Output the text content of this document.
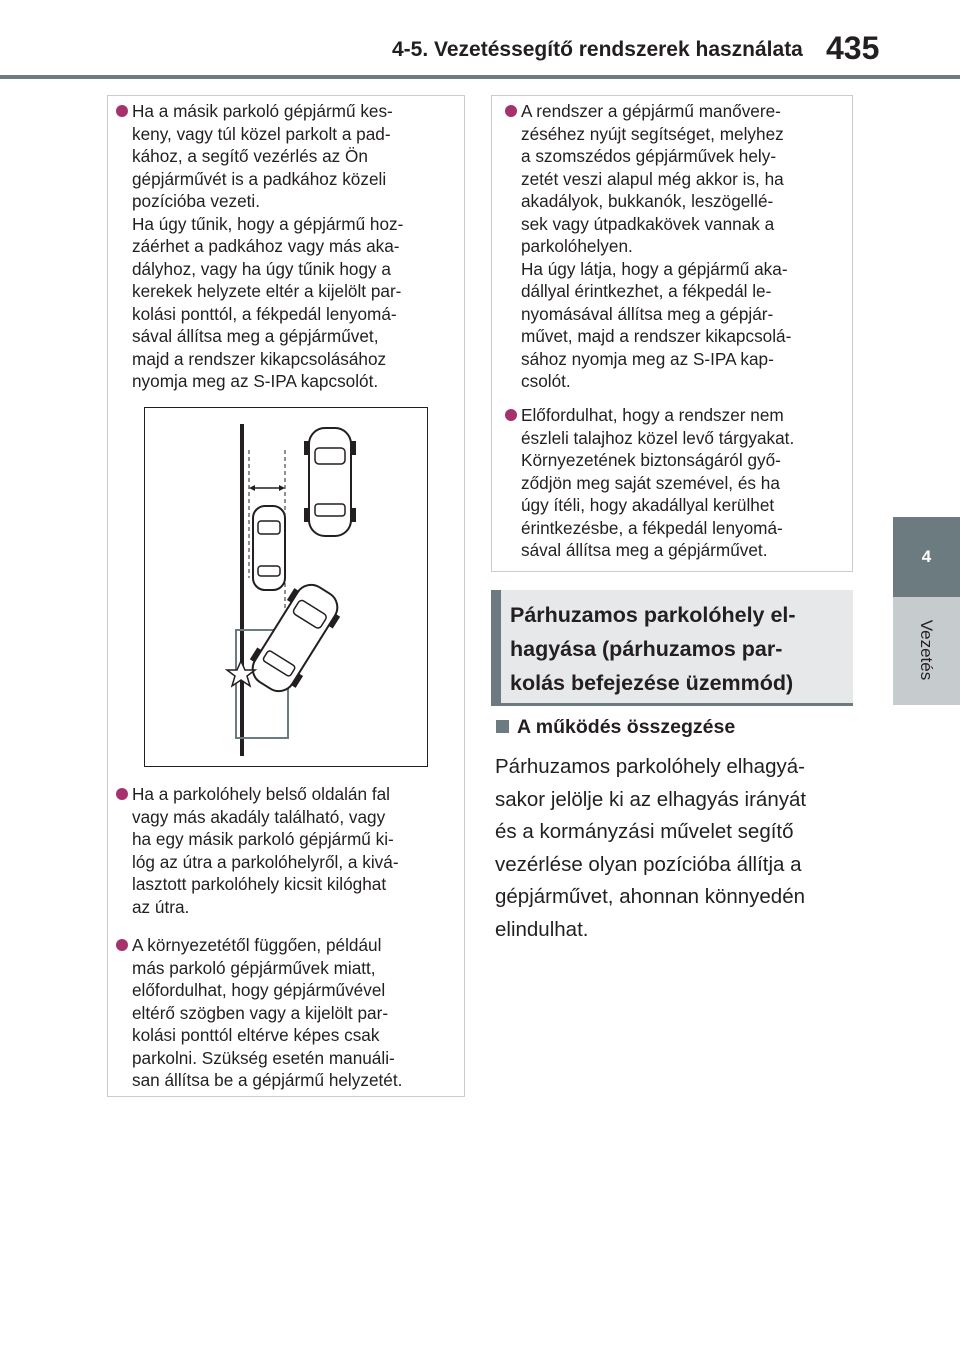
4-5. Vezetéssegítő rendszerek használata 435
4
Vezetés
Ha a másik parkoló gépjármű kes-
keny, vagy túl közel parkolt a pad-
kához, a segítő vezérlés az Ön
gépjárművét is a padkához közeli
pozícióba vezeti.
Ha úgy tűnik, hogy a gépjármű hoz-
záérhet a padkához vagy más aka-
dályhoz, vagy ha úgy tűnik hogy a
kerekek helyzete eltér a kijelölt par-
kolási ponttól, a fékpedál lenyomá-
sával állítsa meg a gépjárművet,
majd a rendszer kikapcsolásához
nyomja meg az S-IPA kapcsolót.
Ha a parkolóhely belső oldalán fal
vagy más akadály található, vagy
ha egy másik parkoló gépjármű ki-
lóg az útra a parkolóhelyről, a kivá-
lasztott parkolóhely kicsit kilóghat
az útra.
A környezetétől függően, például
más parkoló gépjárművek miatt,
előfordulhat, hogy gépjárművével
eltérő szögben vagy a kijelölt par-
kolási ponttól eltérve képes csak
parkolni. Szükség esetén manuáli-
san állítsa be a gépjármű helyzetét.
A rendszer a gépjármű manővere-
zéséhez nyújt segítséget, melyhez
a szomszédos gépjárművek hely-
zetét veszi alapul még akkor is, ha
akadályok, bukkanók, leszögellé-
sek vagy útpadkakövek vannak a
parkolóhelyen.
Ha úgy látja, hogy a gépjármű aka-
dállyal érintkezhet, a fékpedál le-
nyomásával állítsa meg a gépjár-
művet, majd a rendszer kikapcsolá-
sához nyomja meg az S-IPA kap-
csolót.
Előfordulhat, hogy a rendszer nem
észleli talajhoz közel levő tárgyakat.
Környezetének biztonságáról győ-
ződjön meg saját szemével, és ha
úgy ítéli, hogy akadállyal kerülhet
érintkezésbe, a fékpedál lenyomá-
sával állítsa meg a gépjárművet.
Párhuzamos parkolóhely el-
hagyása (párhuzamos par-
kolás befejezése üzemmód)
A működés összegzése
Párhuzamos parkolóhely elhagyá-
sakor jelölje ki az elhagyás irányát
és a kormányzási művelet segítő
vezérlése olyan pozícióba állítja a
gépjárművet, ahonnan könnyedén
elindulhat.
